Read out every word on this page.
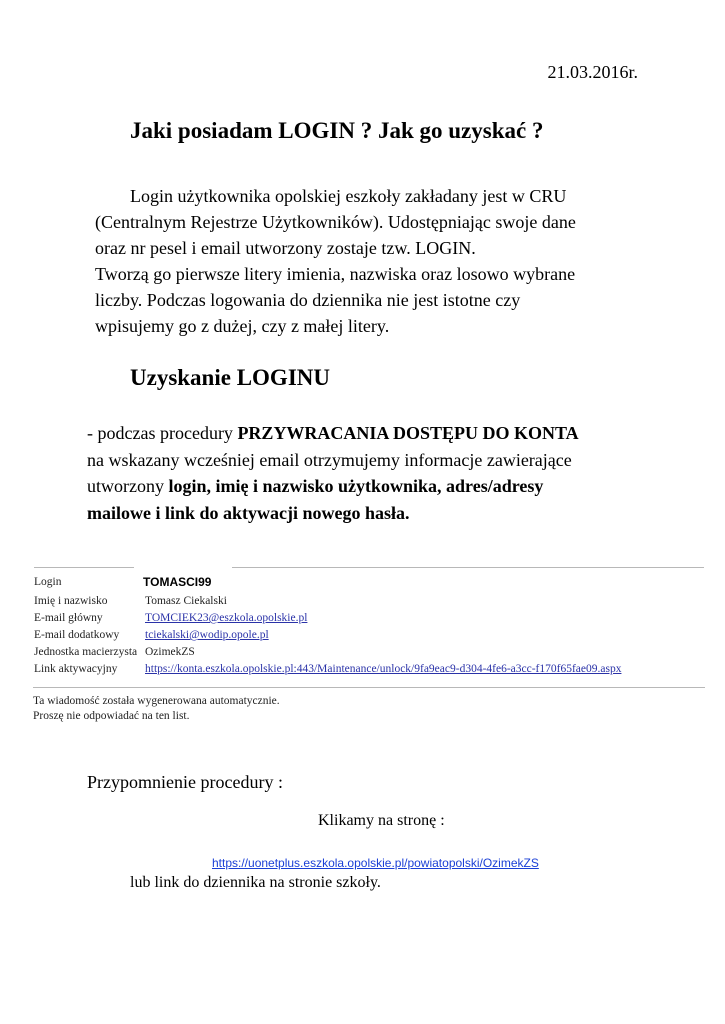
21.03.2016r.
Jaki posiadam LOGIN ? Jak go uzyskać ?
Login użytkownika opolskiej eszkoły zakładany jest w CRU
(Centralnym Rejestrze Użytkowników). Udostępniając swoje dane
oraz nr pesel i email utworzony zostaje tzw. LOGIN.
Tworzą go pierwsze litery imienia, nazwiska oraz losowo wybrane
liczby. Podczas logowania do dziennika nie jest istotne czy
wpisujemy go z dużej, czy z małej litery.
Uzyskanie LOGINU
- podczas procedury PRZYWRACANIA DOSTĘPU DO KONTA
na wskazany wcześniej email otrzymujemy informacje zawierające
utworzony login, imię i nazwisko użytkownika, adres/adresy
mailowe i link do aktywacji nowego hasła.
Login	TOMASCI99
Imię i nazwisko	Tomasz Ciekalski
E-mail główny	TOMCIEK23@eszkola.opolskie.pl
E-mail dodatkowy tciekalski@wodip.opole.pl
Jednostka macierzysta OzimekZS
Link aktywacyjny https://konta.eszkola.opolskie.pl:443/Maintenance/unlock/9fa9eac9-d304-4fe6-a3cc-f170f65fae09.aspx
Ta wiadomość została wygenerowana automatycznie.
Proszę nie odpowiadać na ten list.
Przypomnienie procedury :
Klikamy na stronę :
https://uonetplus.eszkola.opolskie.pl/powiatopolski/OzimekZS
lub link do dziennika na stronie szkoły.
